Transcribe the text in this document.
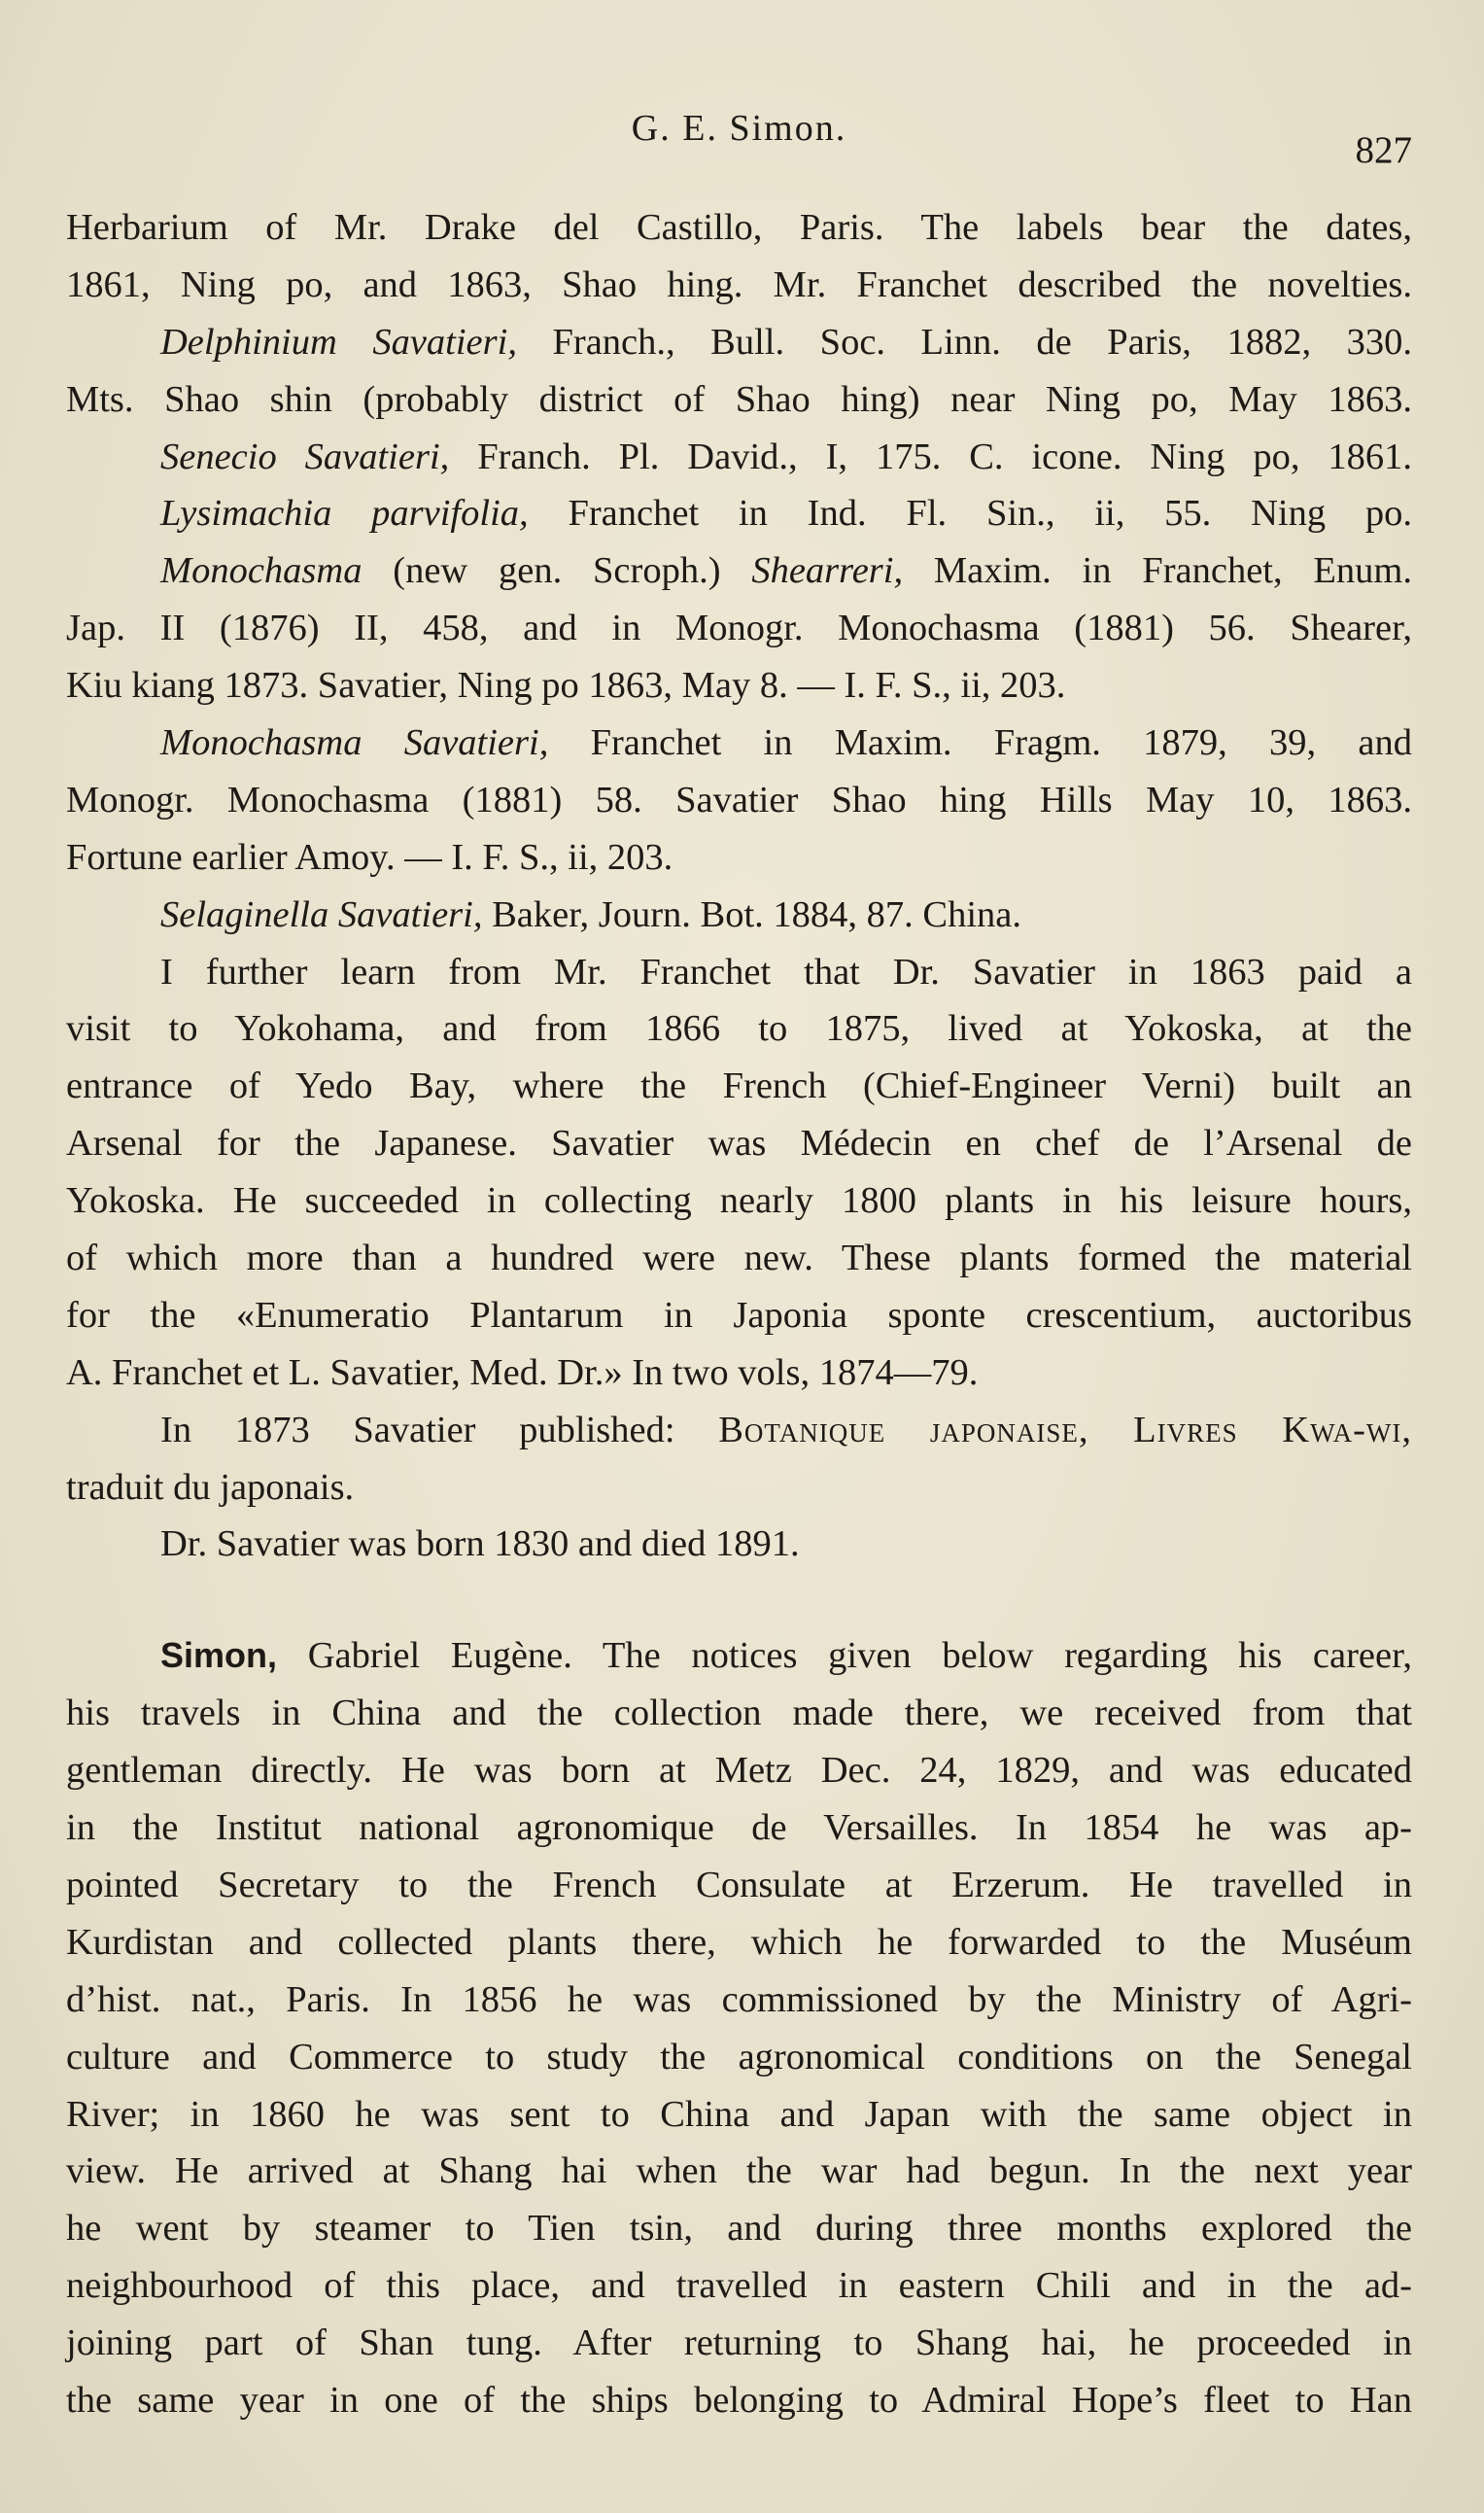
G. E. Simon.
827
Herbarium of Mr. Drake del Castillo, Paris. The labels bear the dates,
1861, Ning po, and 1863, Shao hing. Mr. Franchet described the novelties.
Delphinium Savatieri, Franch., Bull. Soc. Linn. de Paris, 1882, 330.
Mts. Shao shin (probably district of Shao hing) near Ning po, May 1863.
Senecio Savatieri, Franch. Pl. David., I, 175. C. icone. Ning po, 1861.
Lysimachia parvifolia, Franchet in Ind. Fl. Sin., ii, 55. Ning po.
Monochasma (new gen. Scroph.) Shearreri, Maxim. in Franchet, Enum.
Jap. II (1876) II, 458, and in Monogr. Monochasma (1881) 56. Shearer,
Kiu kiang 1873. Savatier, Ning po 1863, May 8. — I. F. S., ii, 203.
Monochasma Savatieri, Franchet in Maxim. Fragm. 1879, 39, and
Monogr. Monochasma (1881) 58. Savatier Shao hing Hills May 10, 1863.
Fortune earlier Amoy. — I. F. S., ii, 203.
Selaginella Savatieri, Baker, Journ. Bot. 1884, 87. China.
I further learn from Mr. Franchet that Dr. Savatier in 1863 paid a
visit to Yokohama, and from 1866 to 1875, lived at Yokoska, at the
entrance of Yedo Bay, where the French (Chief-Engineer Verni) built an
Arsenal for the Japanese. Savatier was Médecin en chef de l’Arsenal de
Yokoska. He succeeded in collecting nearly 1800 plants in his leisure hours,
of which more than a hundred were new. These plants formed the material
for the «Enumeratio Plantarum in Japonia sponte crescentium, auctoribus
A. Franchet et L. Savatier, Med. Dr.» In two vols, 1874—79.
In 1873 Savatier published: Botanique japonaise, Livres Kwa-wi,
traduit du japonais.
Dr. Savatier was born 1830 and died 1891.
Simon, Gabriel Eugène. The notices given below regarding his career,
his travels in China and the collection made there, we received from that
gentleman directly. He was born at Metz Dec. 24, 1829, and was educated
in the Institut national agronomique de Versailles. In 1854 he was ap-
pointed Secretary to the French Consulate at Erzerum. He travelled in
Kurdistan and collected plants there, which he forwarded to the Muséum
d’hist. nat., Paris. In 1856 he was commissioned by the Ministry of Agri-
culture and Commerce to study the agronomical conditions on the Senegal
River; in 1860 he was sent to China and Japan with the same object in
view. He arrived at Shang hai when the war had begun. In the next year
he went by steamer to Tien tsin, and during three months explored the
neighbourhood of this place, and travelled in eastern Chili and in the ad-
joining part of Shan tung. After returning to Shang hai, he proceeded in
the same year in one of the ships belonging to Admiral Hope’s fleet to Han
